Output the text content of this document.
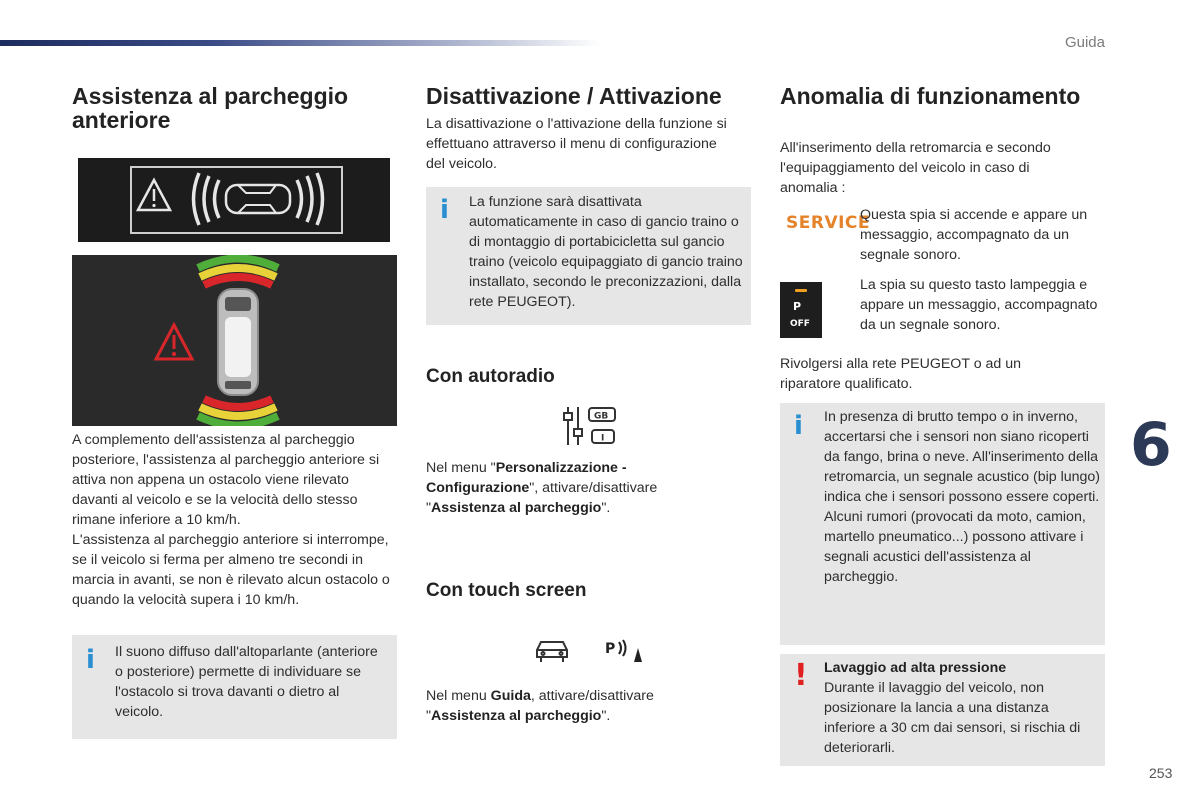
Guida
6
253
Assistenza al parcheggio anteriore
A complemento dell'assistenza al parcheggio posteriore, l'assistenza al parcheggio anteriore si attiva non appena un ostacolo viene rilevato davanti al veicolo e se la velocità dello stesso rimane inferiore a 10 km/h.
L'assistenza al parcheggio anteriore si interrompe, se il veicolo si ferma per almeno tre secondi in marcia in avanti, se non è rilevato alcun ostacolo o quando la velocità supera i 10 km/h.
i Il suono diffuso dall'altoparlante (anteriore o posteriore) permette di individuare se l'ostacolo si trova davanti o dietro al veicolo.
Disattivazione / Attivazione
La disattivazione o l'attivazione della funzione si effettuano attraverso il menu di configurazione del veicolo.
i La funzione sarà disattivata automaticamente in caso di gancio traino o di montaggio di portabicicletta sul gancio traino (veicolo equipaggiato di gancio traino installato, secondo le preconizzazioni, dalla rete PEUGEOT).
Con autoradio
GB
I
Nel menu "Personalizzazione - Configurazione", attivare/disattivare "Assistenza al parcheggio".
Con touch screen
P
Nel menu Guida, attivare/disattivare "Assistenza al parcheggio".
Anomalia di funzionamento
All'inserimento della retromarcia e secondo l'equipaggiamento del veicolo in caso di anomalia :
SERVICE
Questa spia si accende e appare un messaggio, accompagnato da un segnale sonoro.
P
OFF
La spia su questo tasto lampeggia e appare un messaggio, accompagnato da un segnale sonoro.
Rivolgersi alla rete PEUGEOT o ad un riparatore qualificato.
i In presenza di brutto tempo o in inverno, accertarsi che i sensori non siano ricoperti da fango, brina o neve. All'inserimento della retromarcia, un segnale acustico (bip lungo) indica che i sensori possono essere coperti. Alcuni rumori (provocati da moto, camion, martello pneumatico...) possono attivare i segnali acustici dell'assistenza al parcheggio.
! Lavaggio ad alta pressione
Durante il lavaggio del veicolo, non posizionare la lancia a una distanza inferiore a 30 cm dai sensori, si rischia di deteriorarli.
